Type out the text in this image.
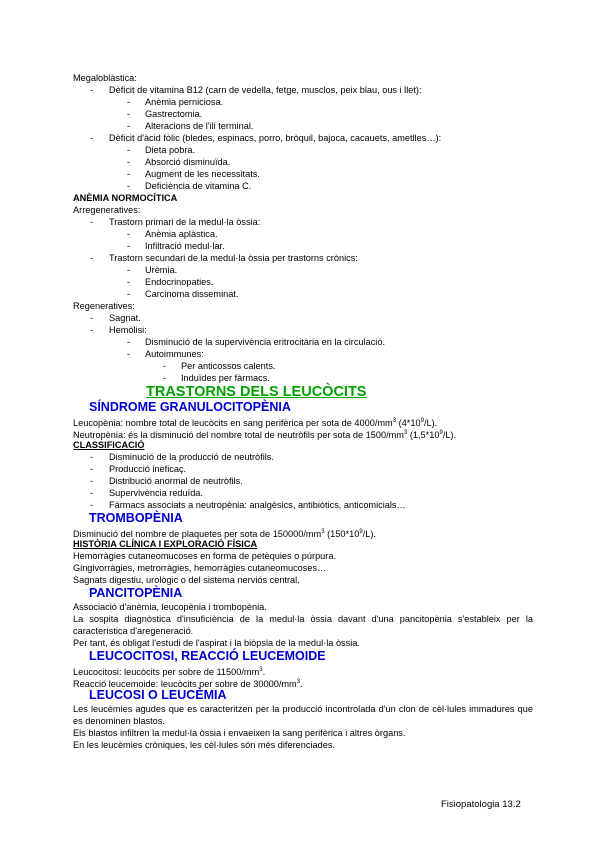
Megaloblàstica:
- Dèficit de vitamina B12 (carn de vedella, fetge, musclos, peix blau, ous i llet):
- Anèmia perniciosa.
- Gastrectomia.
- Alteracions de l'ili terminal.
- Dèficit d'àcid fòlic (bledes, espinacs, porro, bròquil, bajoca, cacauets, ametlles…):
- Dieta pobra.
- Absorció disminuïda.
- Augment de les necessitats.
- Deficiència de vitamina C.
ANÈMIA NORMOCÍTICA
Arregeneratives:
- Trastorn primari de la medul·la òssia:
- Anèmia aplàstica.
- Infiltració medul·lar.
- Trastorn secundari de la medul·la òssia per trastorns crònics:
- Urèmia.
- Endocrinopaties.
- Carcinoma disseminat.
Regeneratives:
- Sagnat.
- Hemòlisi:
- Disminució de la supervivència eritrocitària en la circulació.
- Autoimmunes:
- Per anticossos calents.
- Induïdes per fàrmacs.
TRASTORNS DELS LEUCÒCITS
SÍNDROME GRANULOCITOPÈNIA
Leucopènia: nombre total de leucòcits en sang perifèrica per sota de $4000/mm^3$ $(4*10^9/L)$.
Neutropènia: és la disminució del nombre total de neutròfils per sota de $1500/mm^3$ $(1,5*10^9/L)$.
CLASSIFICACIÓ
- Disminució de la producció de neutròfils.
- Producció ineficaç.
- Distribució anormal de neutròfils.
- Supervivència reduïda.
- Fàrmacs associats a neutropènia: analgèsics, antibiòtics, anticomicials…
TROMBOPÈNIA
Disminució del nombre de plaquetes per sota de $150000/mm^3$ $(150*10^9/L)$.
HISTÒRIA CLÍNICA I EXPLORACIÓ FÍSICA
Hemorràgies cutaneomucoses en forma de petèquies o púrpura.
Gingivorràgies, metrorràgies, hemorràgies cutaneomucoses…
Sagnats digestiu, urològic o del sistema nerviós central.
PANCITOPÈNIA
Associació d'anèmia, leucopènia i trombopènia.
La sospita diagnòstica d'insuficiència de la medul·la òssia davant d'una pancitopènia s'estableix per la característica d'aregeneració.
Per tant, és obligat l'estudi de l'aspirat i la biòpsia de la medul·la òssia.
LEUCOCITOSI, REACCIÓ LEUCEMOIDE
Leucocitosi: leucòcits per sobre de $11500/mm^3$.
Reacció leucemoide: leucòcits per sobre de $30000/mm^3$.
LEUCOSI O LEUCÈMIA
Les leucèmies agudes que es caracteritzen per la producció incontrolada d'un clon de cèl·lules immadures que es denominen blastos.
Els blastos infiltren la medul·la òssia i envaeixen la sang perifèrica i altres òrgans.
En les leucèmies cròniques, les cèl·lules són més diferenciades.
Fisiopatologia 13.2
